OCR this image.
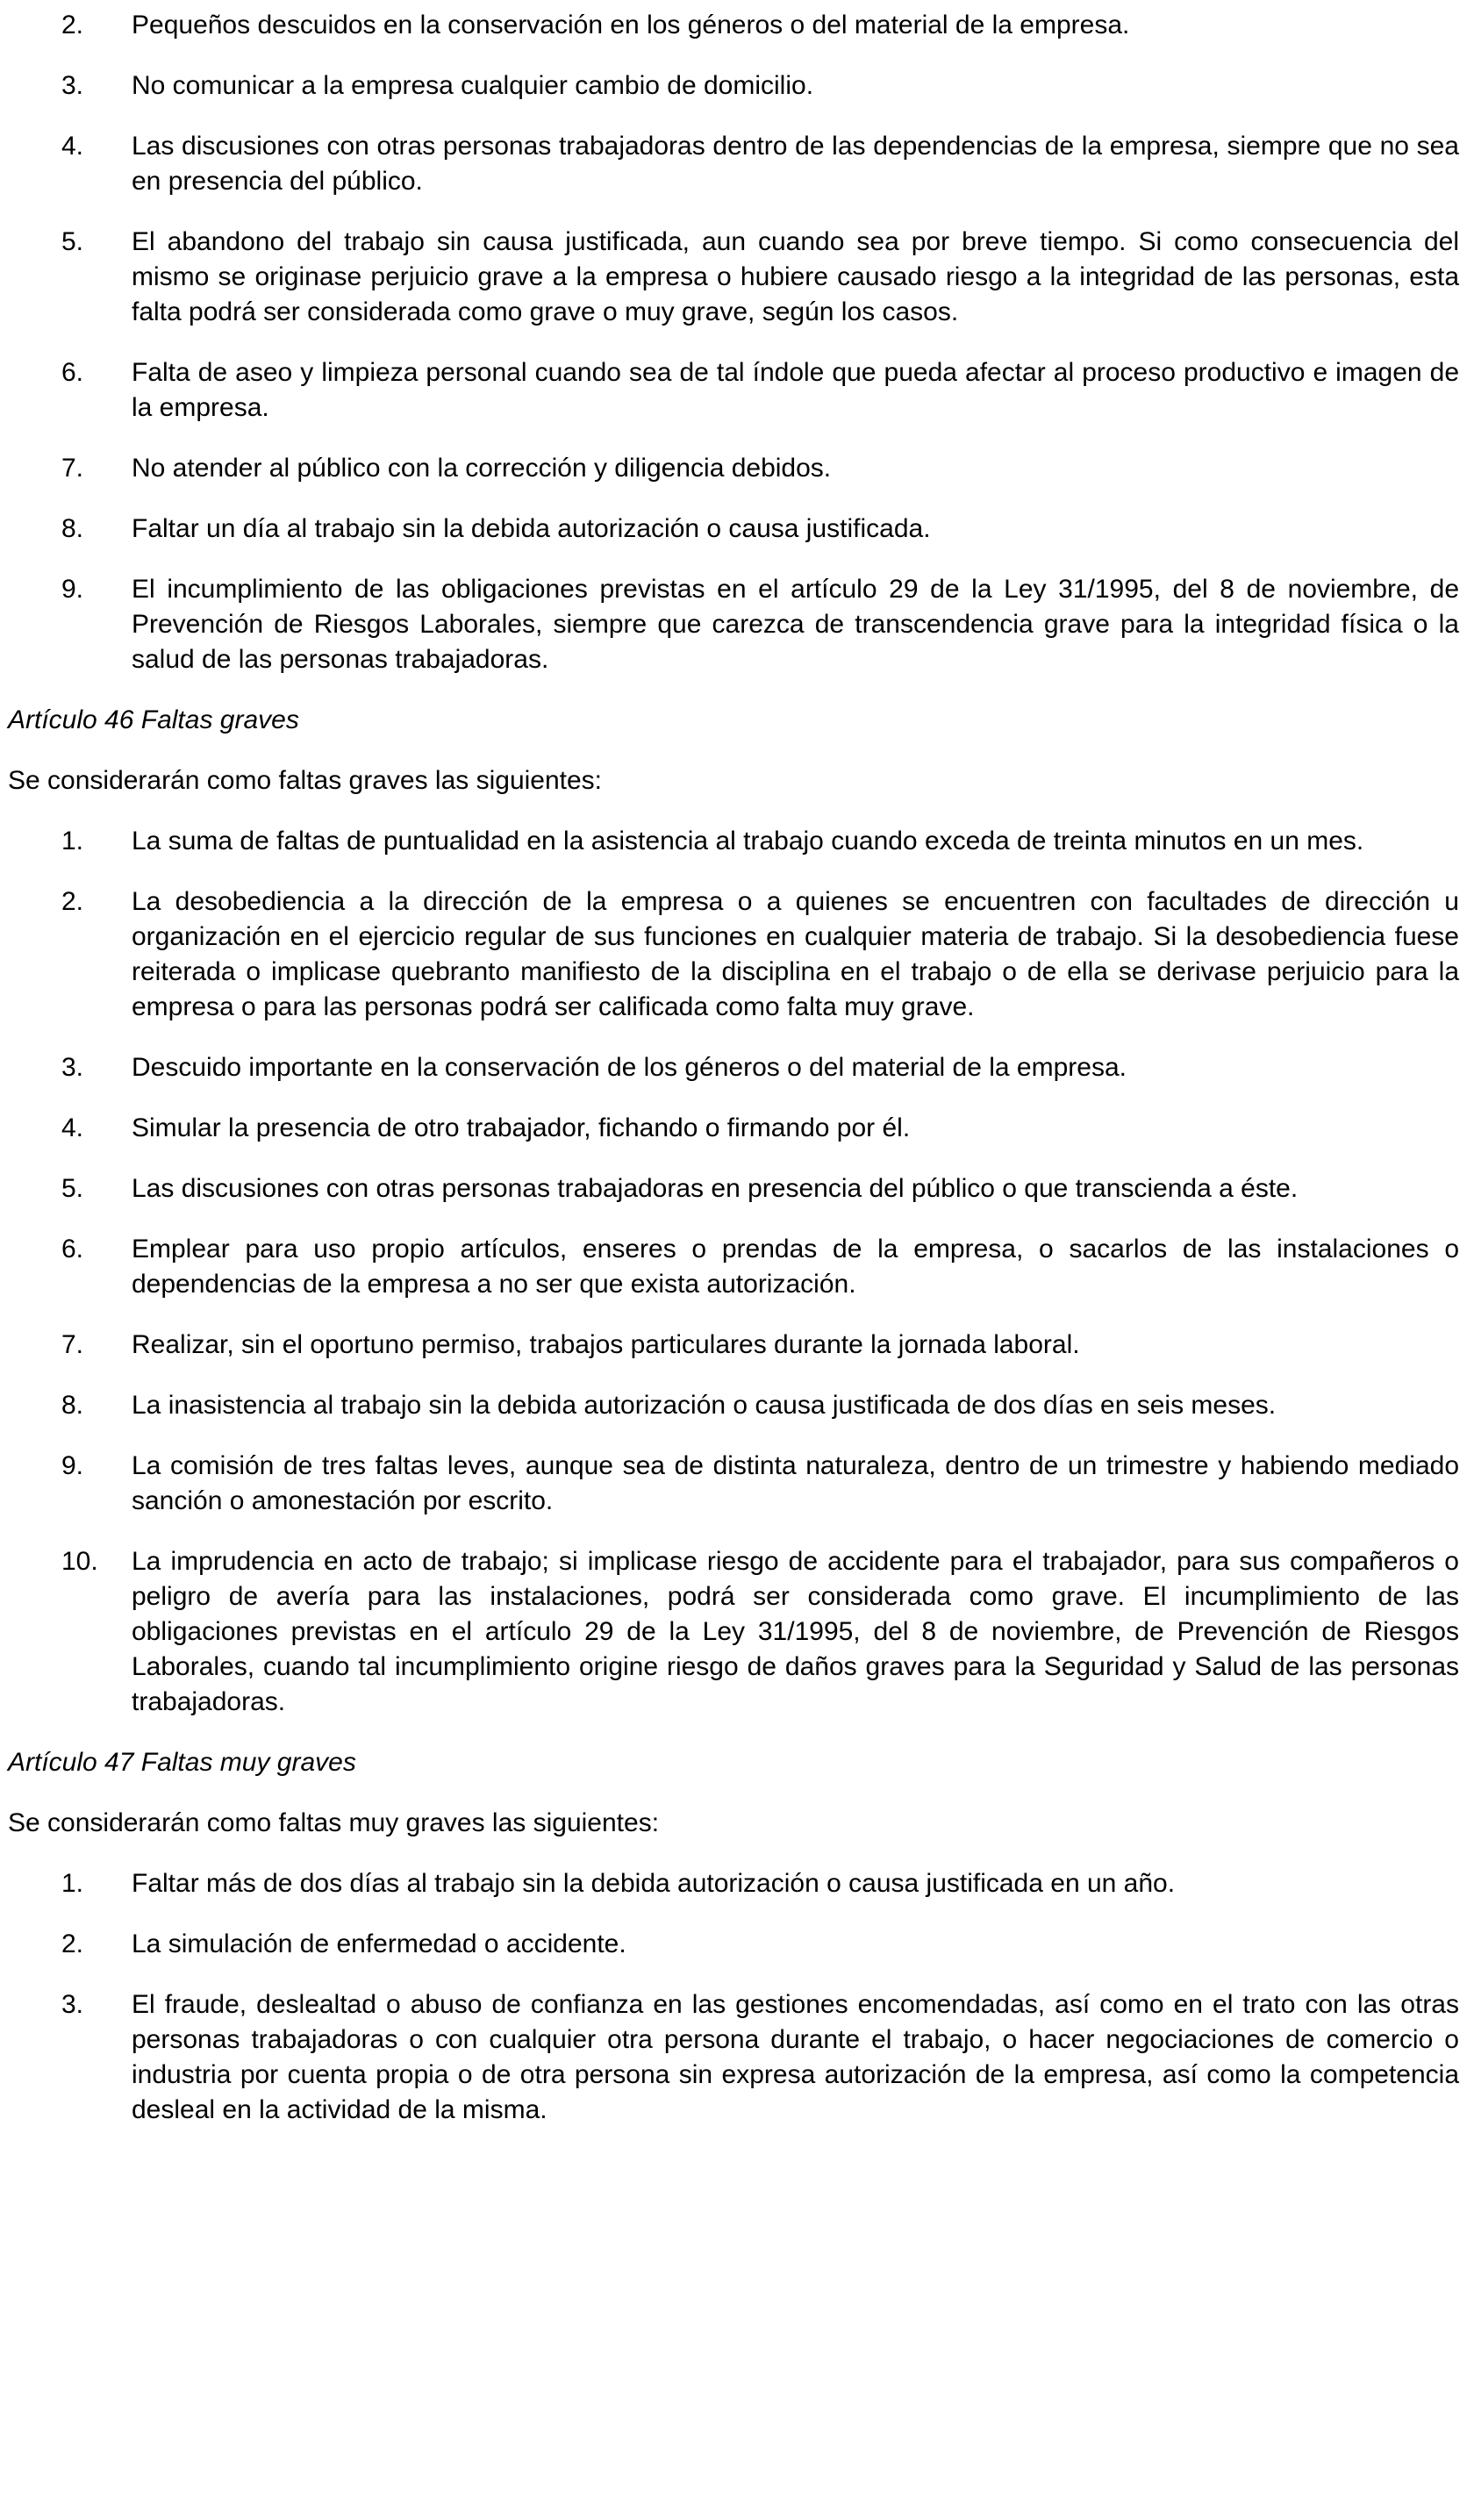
2.	Pequeños descuidos en la conservación en los géneros o del material de la empresa.
3.	No comunicar a la empresa cualquier cambio de domicilio.
4.	Las discusiones con otras personas trabajadoras dentro de las dependencias de la empresa, siempre que no sea en presencia del público.
5.	El abandono del trabajo sin causa justificada, aun cuando sea por breve tiempo. Si como consecuencia del mismo se originase perjuicio grave a la empresa o hubiere causado riesgo a la integridad de las personas, esta falta podrá ser considerada como grave o muy grave, según los casos.
6.	Falta de aseo y limpieza personal cuando sea de tal índole que pueda afectar al proceso productivo e imagen de la empresa.
7.	No atender al público con la corrección y diligencia debidos.
8.	Faltar un día al trabajo sin la debida autorización o causa justificada.
9.	El incumplimiento de las obligaciones previstas en el artículo 29 de la Ley 31/1995, del 8 de noviembre, de Prevención de Riesgos Laborales, siempre que carezca de transcendencia grave para la integridad física o la salud de las personas trabajadoras.
Artículo 46 Faltas graves
Se considerarán como faltas graves las siguientes:
1.	La suma de faltas de puntualidad en la asistencia al trabajo cuando exceda de treinta minutos en un mes.
2.	La desobediencia a la dirección de la empresa o a quienes se encuentren con facultades de dirección u organización en el ejercicio regular de sus funciones en cualquier materia de trabajo. Si la desobediencia fuese reiterada o implicase quebranto manifiesto de la disciplina en el trabajo o de ella se derivase perjuicio para la empresa o para las personas podrá ser calificada como falta muy grave.
3.	Descuido importante en la conservación de los géneros o del material de la empresa.
4.	Simular la presencia de otro trabajador, fichando o firmando por él.
5.	Las discusiones con otras personas trabajadoras en presencia del público o que transcienda a éste.
6.	Emplear para uso propio artículos, enseres o prendas de la empresa, o sacarlos de las instalaciones o dependencias de la empresa a no ser que exista autorización.
7.	Realizar, sin el oportuno permiso, trabajos particulares durante la jornada laboral.
8.	La inasistencia al trabajo sin la debida autorización o causa justificada de dos días en seis meses.
9.	La comisión de tres faltas leves, aunque sea de distinta naturaleza, dentro de un trimestre y habiendo mediado sanción o amonestación por escrito.
10.	La imprudencia en acto de trabajo; si implicase riesgo de accidente para el trabajador, para sus compañeros o peligro de avería para las instalaciones, podrá ser considerada como grave. El incumplimiento de las obligaciones previstas en el artículo 29 de la Ley 31/1995, del 8 de noviembre, de Prevención de Riesgos Laborales, cuando tal incumplimiento origine riesgo de daños graves para la Seguridad y Salud de las personas trabajadoras.
Artículo 47 Faltas muy graves
Se considerarán como faltas muy graves las siguientes:
1.	Faltar más de dos días al trabajo sin la debida autorización o causa justificada en un año.
2.	La simulación de enfermedad o accidente.
3.	El fraude, deslealtad o abuso de confianza en las gestiones encomendadas, así como en el trato con las otras personas trabajadoras o con cualquier otra persona durante el trabajo, o hacer negociaciones de comercio o industria por cuenta propia o de otra persona sin expresa autorización de la empresa, así como la competencia desleal en la actividad de la misma.
